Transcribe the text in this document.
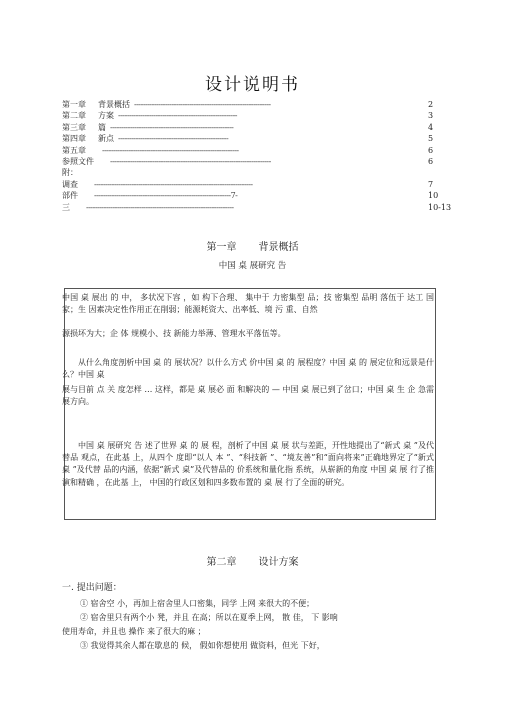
设计说明书
第一章 背景概括 --------------------------------------------------------------	2
第二章 方案 ------------------------------------------------------	3
第三章 篇 --------------------------------------------------------	4
第四章 新点 --------------------------------------------------	5
第五章 --------------------------------------------------------------	6
参照文件 -------------------------------------------------------------------------	6
附：
调查 ------------------------------------------------------------------------	7
部件 --------------------------------------------------------------7-	10
三 -------------------------------------------------------------------	10-13
第一章 背景概括
中国 桌 展研究 告
中国 桌 展出 的 中， 多状况下容 ，如 构下合理、 集中于 力密集型 品；技 密集型 品明 落伍于 达工 国家；生 因素决定性作用正在削弱；能源耗资大、出率低、境 污 重、自然
源损坏为大；企 体 规模小、技 新能力举薄、管理水平落伍等。
从什么角度剖析中国 桌 的 展状况？以什么方式 价中国 桌 的 展程度？中国 桌 的 展定位和远景是什么？中国 桌
展与目前 点 关 度怎样 … 这样，都是 桌 展必 面 和解决的 — 中国 桌 展已到了岔口；中国 桌 生 企 急需 展方向。
中国 桌 展研究 告 述了世界 桌 的 展 程，剖析了中国 桌 展 状与差距，开性地提出了“新式 桌 ”及代替品 观点，在此基 上，从四个 度即“以人 本 ”、“科技新 ”、“境友善”和“面向将来”正确地界定了“新式 桌 ”及代替 品的内涵，依据“新式 桌”及代替品的 价系统和量化指 系统，从崭新的角度 中国 桌 展 行了推演和精确 ，在此基 上， 中国的行政区划和四多数布置的 桌 展 行了全面的研究。
第二章 设计方案
一. 提出问题：
① 宿舍空 小，再加上宿舍里人口密集，同学 上网 来很大的不便；
② 宿舍里只有两个小 凳，并且 在高；所以在夏季上网， 散 佳， 下 影响
使用寿命，并且也 操作 来了很大的麻 ；
③ 我觉得其余人都在歇息的 候， 假如你想使用 做资料，但光 下好，
